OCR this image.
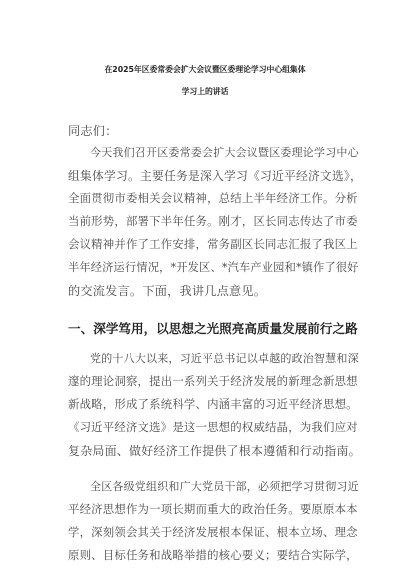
在2025年区委常委会扩大会议暨区委理论学习中心组集体
学习上的讲话
同志们：
今天我们召开区委常委会扩大会议暨区委理论学习中心
组集体学习。主要任务是深入学习《习近平经济文选》，
全面贯彻市委相关会议精神，总结上半年经济工作。分析
当前形势，部署下半年任务。刚才，区长同志传达了市委
会议精神并作了工作安排，常务副区长同志汇报了我区上
半年经济运行情况，*开发区、*汽车产业园和*镇作了很好
的交流发言。下面，我讲几点意见。
一、深学笃用，以思想之光照亮高质量发展前行之路
党的十八大以来，习近平总书记以卓越的政治智慧和深
邃的理论洞察，提出一系列关于经济发展的新理念新思想
新战略，形成了系统科学、内涵丰富的习近平经济思想。
《习近平经济文选》是这一思想的权威结晶，为我们应对
复杂局面、做好经济工作提供了根本遵循和行动指南。
全区各级党组织和广大党员干部，必须把学习贯彻习近
平经济思想作为一项长期而重大的政治任务。要原原本本
学，深刻领会其关于经济发展根本保证、根本立场、理念
原则、目标任务和战略举措的核心要义；要结合实际学，
